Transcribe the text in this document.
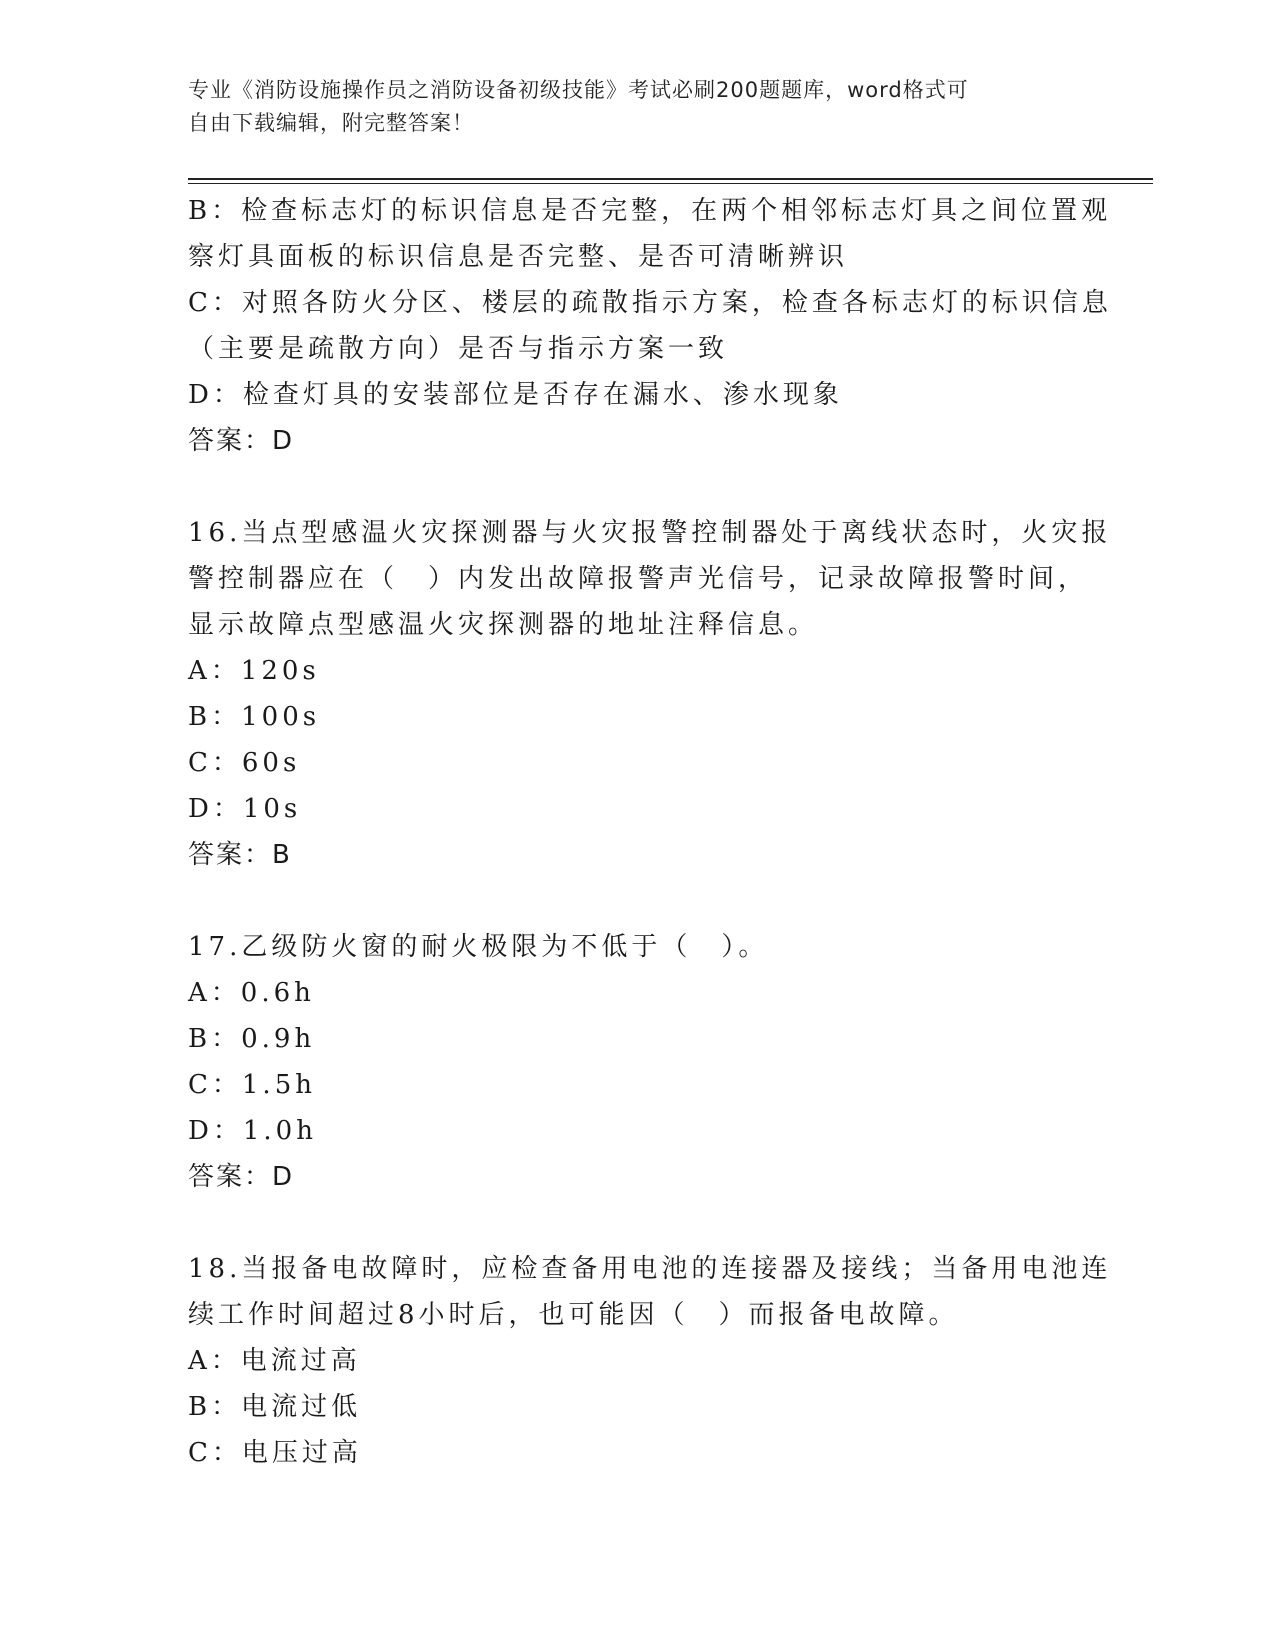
专业《消防设施操作员之消防设备初级技能》考试必刷200题题库，word格式可
自由下载编辑，附完整答案！
B：检查标志灯的标识信息是否完整，在两个相邻标志灯具之间位置观
察灯具面板的标识信息是否完整、是否可清晰辨识
C：对照各防火分区、楼层的疏散指示方案，检查各标志灯的标识信息
（主要是疏散方向）是否与指示方案一致
D：检查灯具的安装部位是否存在漏水、渗水现象
答案：D
16.当点型感温火灾探测器与火灾报警控制器处于离线状态时，火灾报
警控制器应在（　）内发出故障报警声光信号，记录故障报警时间，
显示故障点型感温火灾探测器的地址注释信息。
A：120s
B：100s
C：60s
D：10s
答案：B
17.乙级防火窗的耐火极限为不低于（　）。
A：0.6h
B：0.9h
C：1.5h
D：1.0h
答案：D
18.当报备电故障时，应检查备用电池的连接器及接线；当备用电池连
续工作时间超过8小时后，也可能因（　）而报备电故障。
A：电流过高
B：电流过低
C：电压过高
